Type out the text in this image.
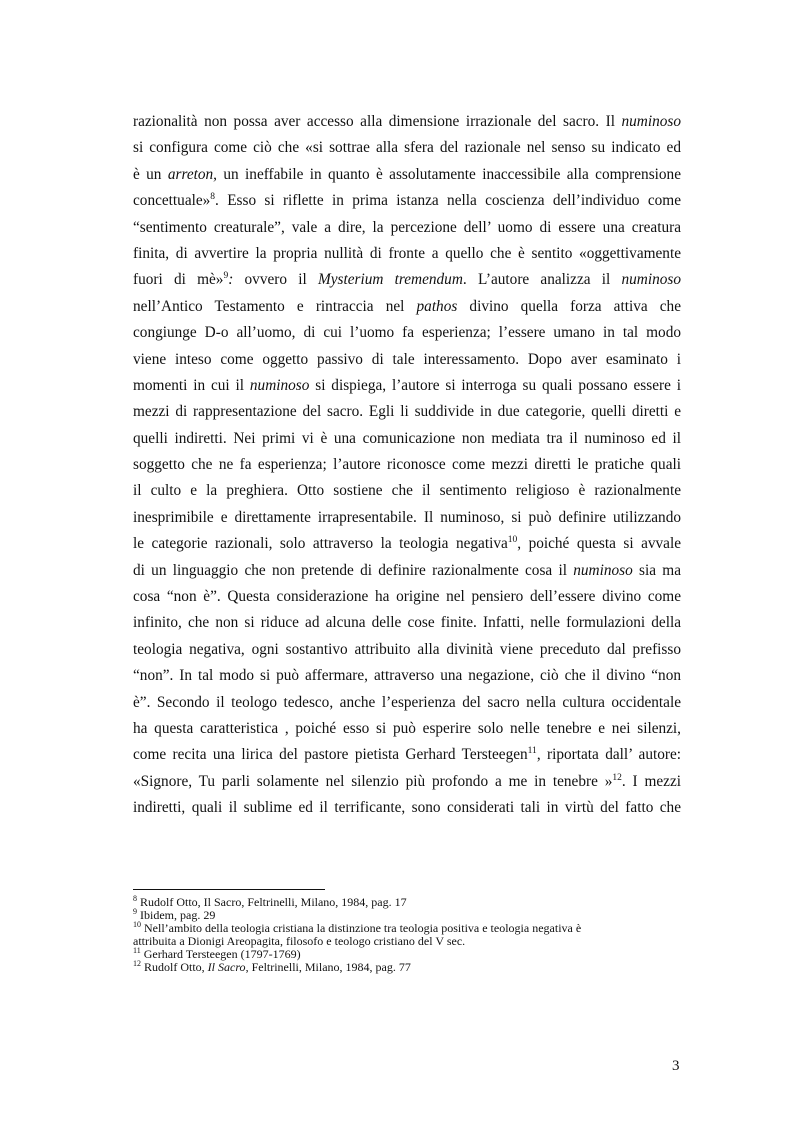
razionalità non possa aver accesso alla dimensione irrazionale del sacro. Il numinoso
si configura come ciò che «si sottrae alla sfera del razionale nel senso su indicato ed
è un arreton, un ineffabile in quanto è assolutamente inaccessibile alla comprensione
concettuale»$^8$. Esso si riflette in prima istanza nella coscienza dell’individuo come
“sentimento creaturale”, vale a dire, la percezione dell’ uomo di essere una creatura
finita, di avvertire la propria nullità di fronte a quello che è sentito «oggettivamente
fuori di mè»$^9$: ovvero il Mysterium tremendum. L’autore analizza il numinoso
nell’Antico Testamento e rintraccia nel pathos divino quella forza attiva che
congiunge D-o all’uomo, di cui l’uomo fa esperienza; l’essere umano in tal modo
viene inteso come oggetto passivo di tale interessamento. Dopo aver esaminato i
momenti in cui il numinoso si dispiega, l’autore si interroga su quali possano essere i
mezzi di rappresentazione del sacro. Egli li suddivide in due categorie, quelli diretti e
quelli indiretti. Nei primi vi è una comunicazione non mediata tra il numinoso ed il
soggetto che ne fa esperienza; l’autore riconosce come mezzi diretti le pratiche quali
il culto e la preghiera. Otto sostiene che il sentimento religioso è razionalmente
inesprimibile e direttamente irrapresentabile. Il numinoso, si può definire utilizzando
le categorie razionali, solo attraverso la teologia negativa$^{10}$, poiché questa si avvale
di un linguaggio che non pretende di definire razionalmente cosa il numinoso sia ma
cosa “non è”. Questa considerazione ha origine nel pensiero dell’essere divino come
infinito, che non si riduce ad alcuna delle cose finite. Infatti, nelle formulazioni della
teologia negativa, ogni sostantivo attribuito alla divinità viene preceduto dal prefisso
“non”. In tal modo si può affermare, attraverso una negazione, ciò che il divino “non
è”. Secondo il teologo tedesco, anche l’esperienza del sacro nella cultura occidentale
ha questa caratteristica , poiché esso si può esperire solo nelle tenebre e nei silenzi,
come recita una lirica del pastore pietista Gerhard Tersteegen$^{11}$, riportata dall’ autore:
«Signore, Tu parli solamente nel silenzio più profondo a me in tenebre »$^{12}$. I mezzi
indiretti, quali il sublime ed il terrificante, sono considerati tali in virtù del fatto che
$^8$ Rudolf Otto, Il Sacro, Feltrinelli, Milano, 1984, pag. 17
$^9$ Ibidem, pag. 29
$^{10}$ Nell’ambito della teologia cristiana la distinzione tra teologia positiva e teologia negativa è
attribuita a Dionigi Areopagita, filosofo e teologo cristiano del V sec.
$^{11}$ Gerhard Tersteegen (1797-1769)
$^{12}$ Rudolf Otto, Il Sacro, Feltrinelli, Milano, 1984, pag. 77
3
